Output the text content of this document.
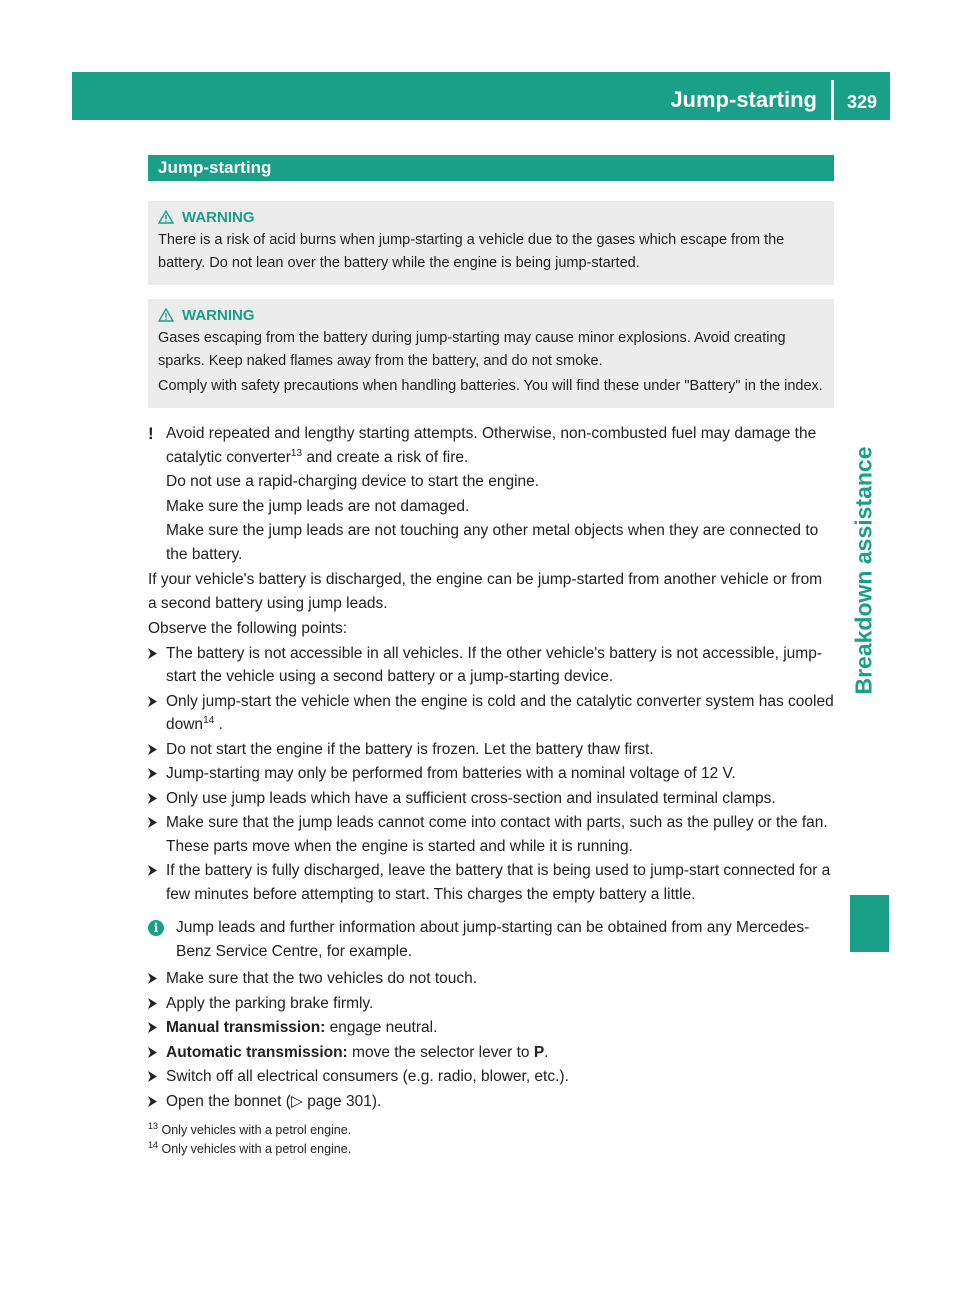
Jump-starting	329
Breakdown assistance
Jump-starting
WARNING

There is a risk of acid burns when jump-starting a vehicle due to the gases which escape from the battery. Do not lean over the battery while the engine is being jump-started.

WARNING

Gases escaping from the battery during jump-starting may cause minor explosions. Avoid creating sparks. Keep naked flames away from the battery, and do not smoke.

Comply with safety precautions when handling batteries. You will find these under "Battery" in the index.

! Avoid repeated and lengthy starting attempts. Otherwise, non-combusted fuel may damage the catalytic converter$^{13}$ and create a risk of fire.

Do not use a rapid-charging device to start the engine.

Make sure the jump leads are not damaged.

Make sure the jump leads are not touching any other metal objects when they are connected to the battery.

If your vehicle's battery is discharged, the engine can be jump-started from another vehicle or from a second battery using jump leads.

Observe the following points:

The battery is not accessible in all vehicles. If the other vehicle's battery is not accessible, jump-start the vehicle using a second battery or a jump-starting device.
Only jump-start the vehicle when the engine is cold and the catalytic converter system has cooled down$^{14}$ .
Do not start the engine if the battery is frozen. Let the battery thaw first.
Jump-starting may only be performed from batteries with a nominal voltage of 12 V.
Only use jump leads which have a sufficient cross-section and insulated terminal clamps.
Make sure that the jump leads cannot come into contact with parts, such as the pulley or the fan. These parts move when the engine is started and while it is running.
If the battery is fully discharged, leave the battery that is being used to jump-start connected for a few minutes before attempting to start. This charges the empty battery a little.
i	Jump leads and further information about jump-starting can be obtained from any Mercedes-Benz Service Centre, for example.
Make sure that the two vehicles do not touch.
Apply the parking brake firmly.
Manual transmission: engage neutral.
Automatic transmission: move the selector lever to P.
Switch off all electrical consumers (e.g. radio, blower, etc.).
Open the bonnet (▷ page 301).
$^{13}$ Only vehicles with a petrol engine.
$^{14}$ Only vehicles with a petrol engine.
